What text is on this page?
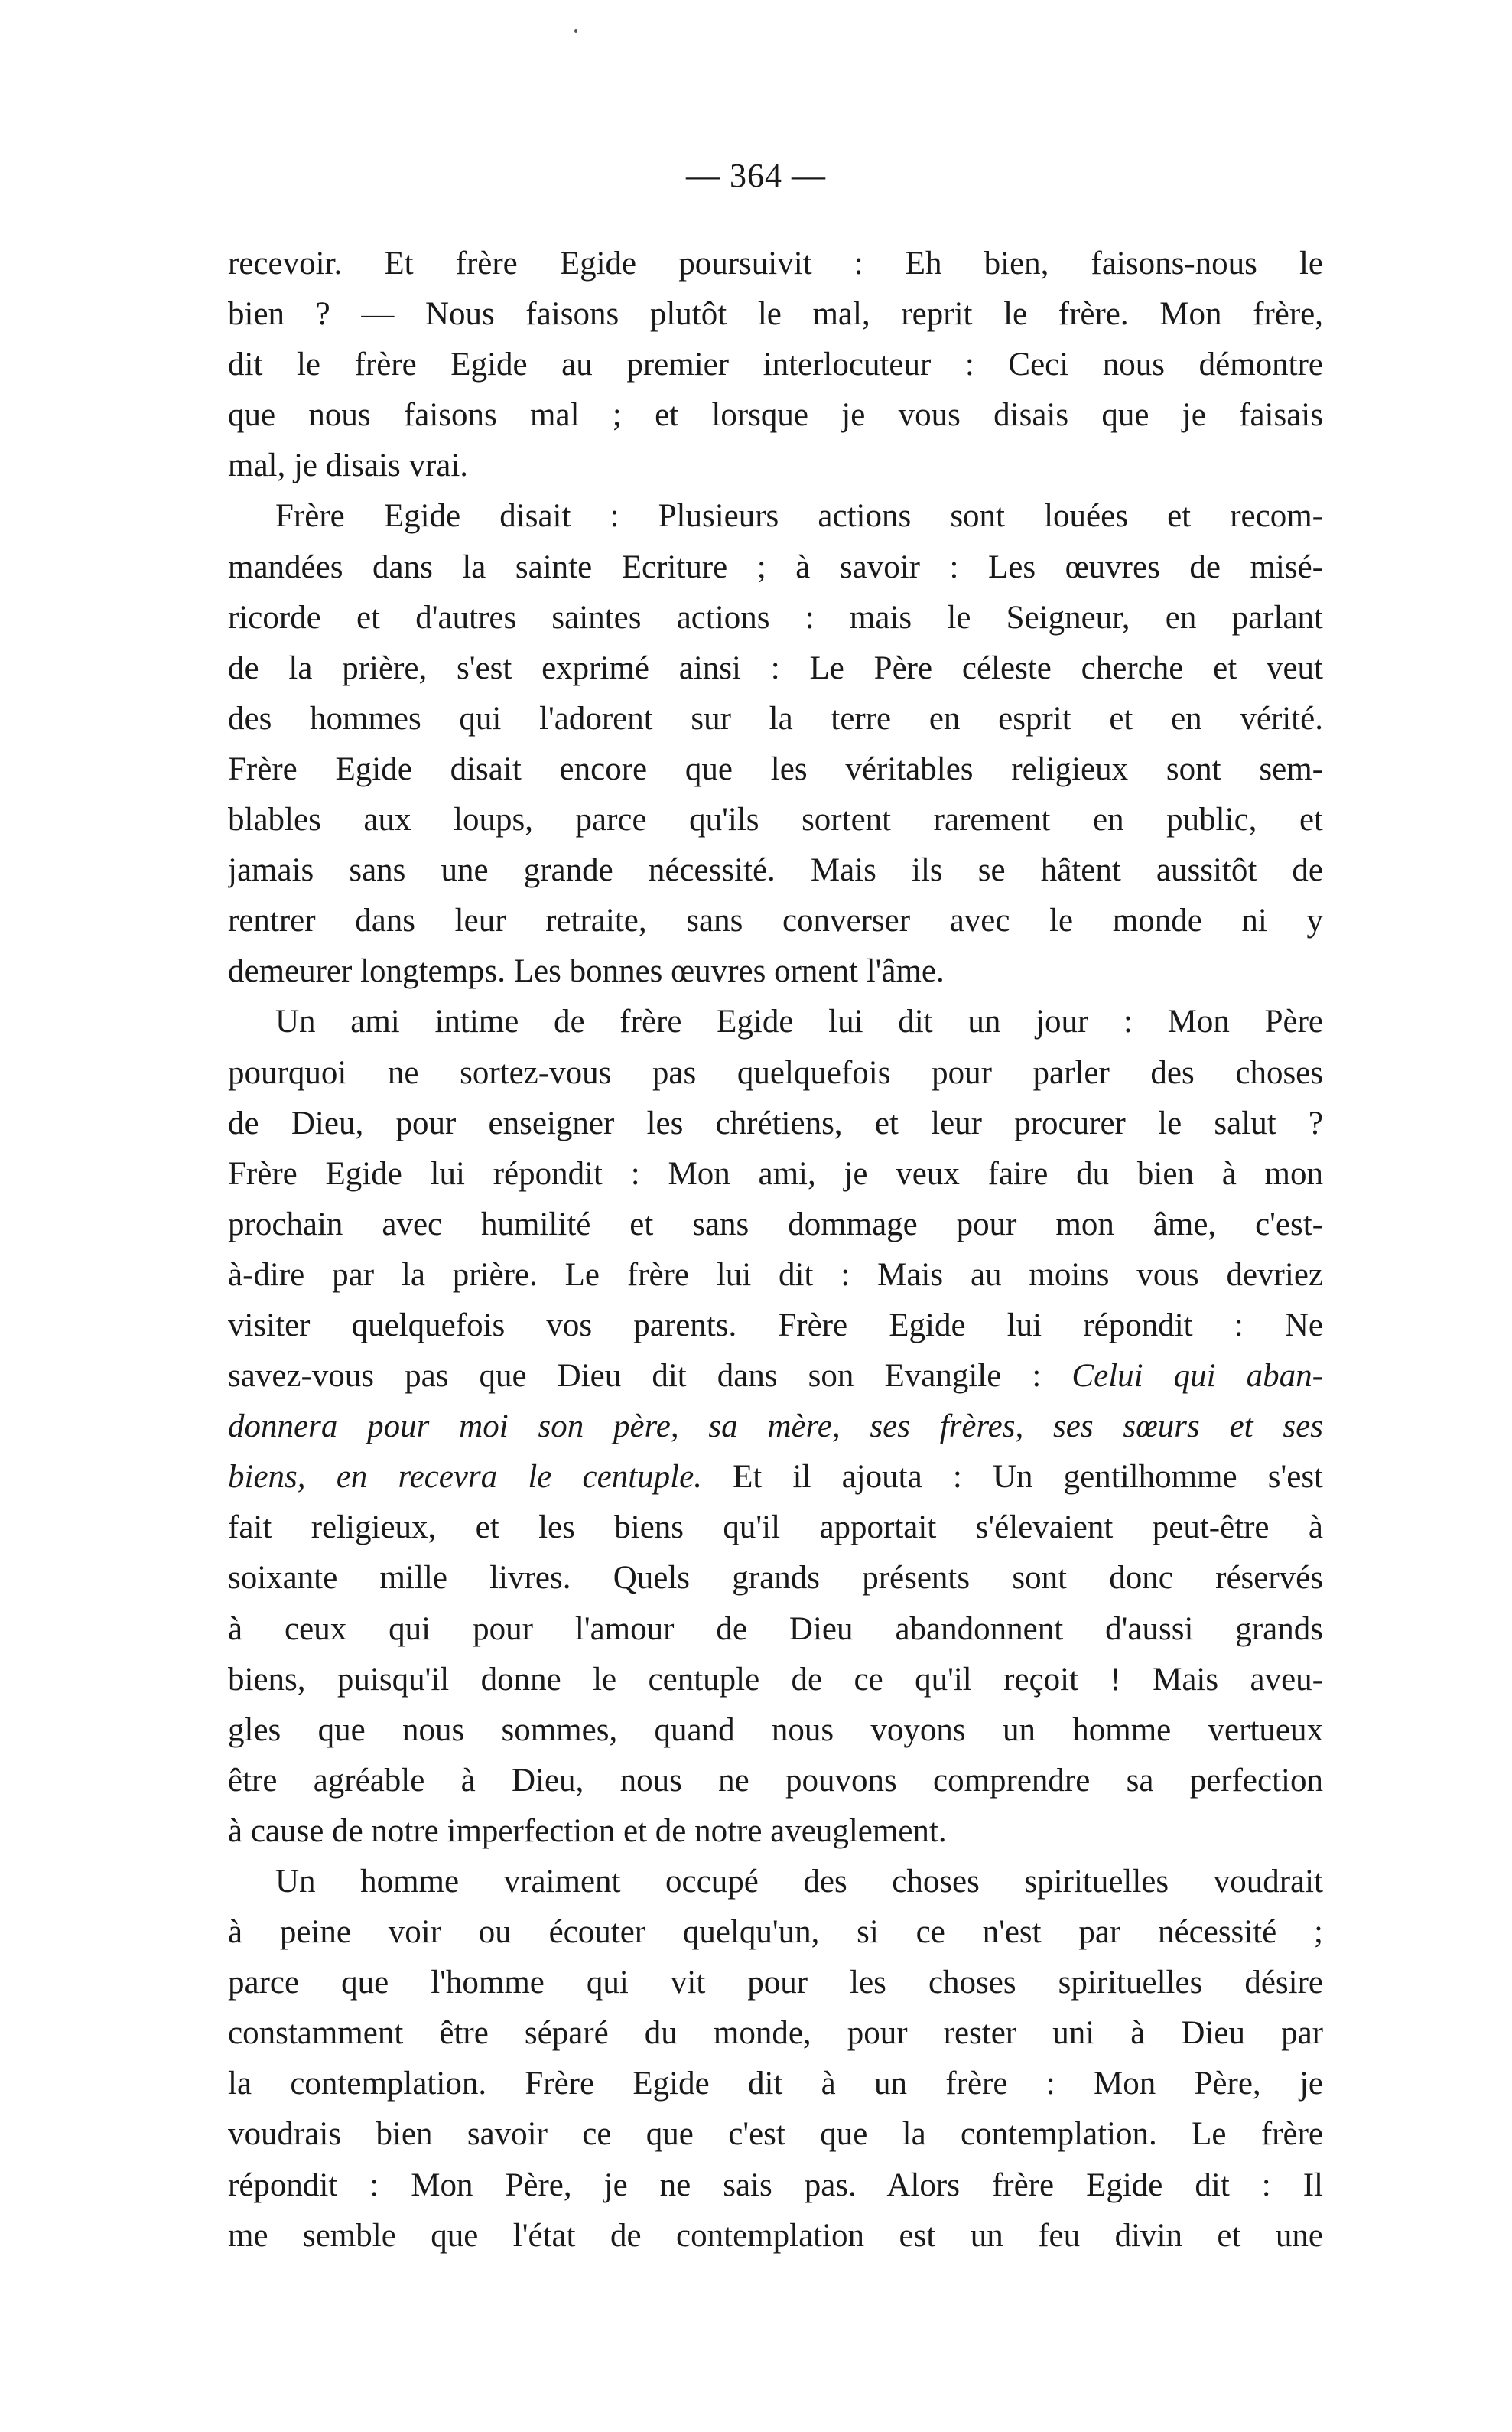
— 364 —
recevoir. Et frère Egide poursuivit : Eh bien, faisons-nous le
bien ? — Nous faisons plutôt le mal, reprit le frère. Mon frère,
dit le frère Egide au premier interlocuteur : Ceci nous démontre
que nous faisons mal ; et lorsque je vous disais que je faisais
mal, je disais vrai.
Frère Egide disait : Plusieurs actions sont louées et recom-
mandées dans la sainte Ecriture ; à savoir : Les œuvres de misé-
ricorde et d'autres saintes actions : mais le Seigneur, en parlant
de la prière, s'est exprimé ainsi : Le Père céleste cherche et veut
des hommes qui l'adorent sur la terre en esprit et en vérité.
Frère Egide disait encore que les véritables religieux sont sem-
blables aux loups, parce qu'ils sortent rarement en public, et
jamais sans une grande nécessité. Mais ils se hâtent aussitôt de
rentrer dans leur retraite, sans converser avec le monde ni y
demeurer longtemps. Les bonnes œuvres ornent l'âme.
Un ami intime de frère Egide lui dit un jour : Mon Père
pourquoi ne sortez-vous pas quelquefois pour parler des choses
de Dieu, pour enseigner les chrétiens, et leur procurer le salut ?
Frère Egide lui répondit : Mon ami, je veux faire du bien à mon
prochain avec humilité et sans dommage pour mon âme, c'est-
à-dire par la prière. Le frère lui dit : Mais au moins vous devriez
visiter quelquefois vos parents. Frère Egide lui répondit : Ne
savez-vous pas que Dieu dit dans son Evangile : Celui qui aban-
donnera pour moi son père, sa mère, ses frères, ses sœurs et ses
biens, en recevra le centuple. Et il ajouta : Un gentilhomme s'est
fait religieux, et les biens qu'il apportait s'élevaient peut-être à
soixante mille livres. Quels grands présents sont donc réservés
à ceux qui pour l'amour de Dieu abandonnent d'aussi grands
biens, puisqu'il donne le centuple de ce qu'il reçoit ! Mais aveu-
gles que nous sommes, quand nous voyons un homme vertueux
être agréable à Dieu, nous ne pouvons comprendre sa perfection
à cause de notre imperfection et de notre aveuglement.
Un homme vraiment occupé des choses spirituelles voudrait
à peine voir ou écouter quelqu'un, si ce n'est par nécessité ;
parce que l'homme qui vit pour les choses spirituelles désire
constamment être séparé du monde, pour rester uni à Dieu par
la contemplation. Frère Egide dit à un frère : Mon Père, je
voudrais bien savoir ce que c'est que la contemplation. Le frère
répondit : Mon Père, je ne sais pas. Alors frère Egide dit : Il
me semble que l'état de contemplation est un feu divin et une
